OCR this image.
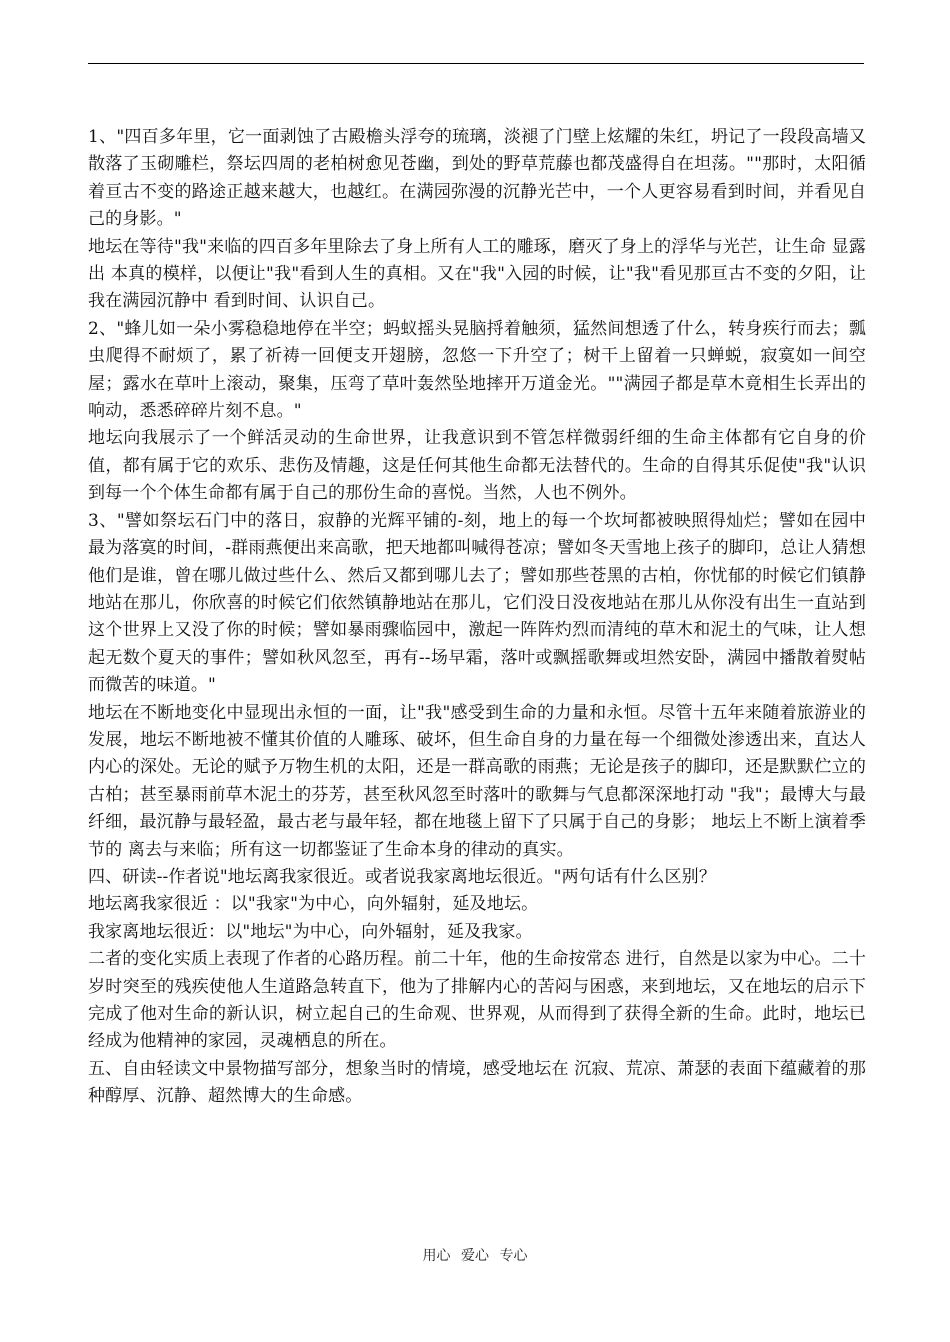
1、"四百多年里，它一面剥蚀了古殿檐头浮夸的琉璃，淡褪了门壁上炫耀的朱红，坍记了一段段高墙又散落了玉砌雕栏，祭坛四周的老柏树愈见苍幽，到处的野草荒藤也都茂盛得自在坦荡。""那时，太阳循着亘古不变的路途正越来越大，也越红。在满园弥漫的沉静光芒中，一个人更容易看到时间，并看见自己的身影。"

地坛在等待"我"来临的四百多年里除去了身上所有人工的雕琢，磨灭了身上的浮华与光芒，让生命 显露出 本真的模样，以便让"我"看到人生的真相。又在"我"入园的时候，让"我"看见那亘古不变的夕阳，让我在满园沉静中 看到时间、认识自己。

2、"蜂儿如一朵小雾稳稳地停在半空；蚂蚁摇头晃脑捋着触须，猛然间想透了什么，转身疾行而去；瓢虫爬得不耐烦了，累了祈祷一回便支开翅膀，忽悠一下升空了；树干上留着一只蝉蜕，寂寞如一间空屋；露水在草叶上滚动，聚集，压弯了草叶轰然坠地摔开万道金光。""满园子都是草木竟相生长弄出的响动，悉悉碎碎片刻不息。"

地坛向我展示了一个鲜活灵动的生命世界，让我意识到不管怎样微弱纤细的生命主体都有它自身的价值，都有属于它的欢乐、悲伤及情趣，这是任何其他生命都无法替代的。生命的自得其乐促使"我"认识到每一个个体生命都有属于自己的那份生命的喜悦。当然，人也不例外。

3、"譬如祭坛石门中的落日，寂静的光辉平铺的-刻，地上的每一个坎坷都被映照得灿烂；譬如在园中最为落寞的时间，-群雨燕便出来高歌，把天地都叫喊得苍凉；譬如冬天雪地上孩子的脚印，总让人猜想他们是谁，曾在哪儿做过些什么、然后又都到哪儿去了；譬如那些苍黑的古柏，你忧郁的时候它们镇静地站在那儿，你欣喜的时候它们依然镇静地站在那儿，它们没日没夜地站在那儿从你没有出生一直站到这个世界上又没了你的时候；譬如暴雨骤临园中，激起一阵阵灼烈而清纯的草木和泥土的气味，让人想起无数个夏天的事件；譬如秋风忽至，再有--场早霜，落叶或飘摇歌舞或坦然安卧，满园中播散着熨帖而微苦的味道。"

地坛在不断地变化中显现出永恒的一面，让"我"感受到生命的力量和永恒。尽管十五年来随着旅游业的发展，地坛不断地被不懂其价值的人雕琢、破坏，但生命自身的力量在每一个细微处渗透出来，直达人内心的深处。无论的赋予万物生机的太阳，还是一群高歌的雨燕；无论是孩子的脚印，还是默默伫立的古柏；甚至暴雨前草木泥土的芬芳，甚至秋风忽至时落叶的歌舞与气息都深深地打动 "我"；最博大与最纤细，最沉静与最轻盈，最古老与最年轻，都在地毯上留下了只属于自己的身影； 地坛上不断上演着季节的 离去与来临；所有这一切都鉴证了生命本身的律动的真实。

四、研读--作者说"地坛离我家很近。或者说我家离地坛很近。"两句话有什么区别？

地坛离我家很近 ：以"我家"为中心，向外辐射，延及地坛。

我家离地坛很近：以"地坛"为中心，向外辐射，延及我家。

二者的变化实质上表现了作者的心路历程。前二十年，他的生命按常态 进行，自然是以家为中心。二十岁时突至的残疾使他人生道路急转直下，他为了排解内心的苦闷与困惑，来到地坛，又在地坛的启示下完成了他对生命的新认识，树立起自己的生命观、世界观，从而得到了获得全新的生命。此时，地坛已经成为他精神的家园，灵魂栖息的所在。

五、自由轻读文中景物描写部分，想象当时的情境，感受地坛在 沉寂、荒凉、萧瑟的表面下蕴藏着的那种醇厚、沉静、超然博大的生命感。

用心 爱心 专心
